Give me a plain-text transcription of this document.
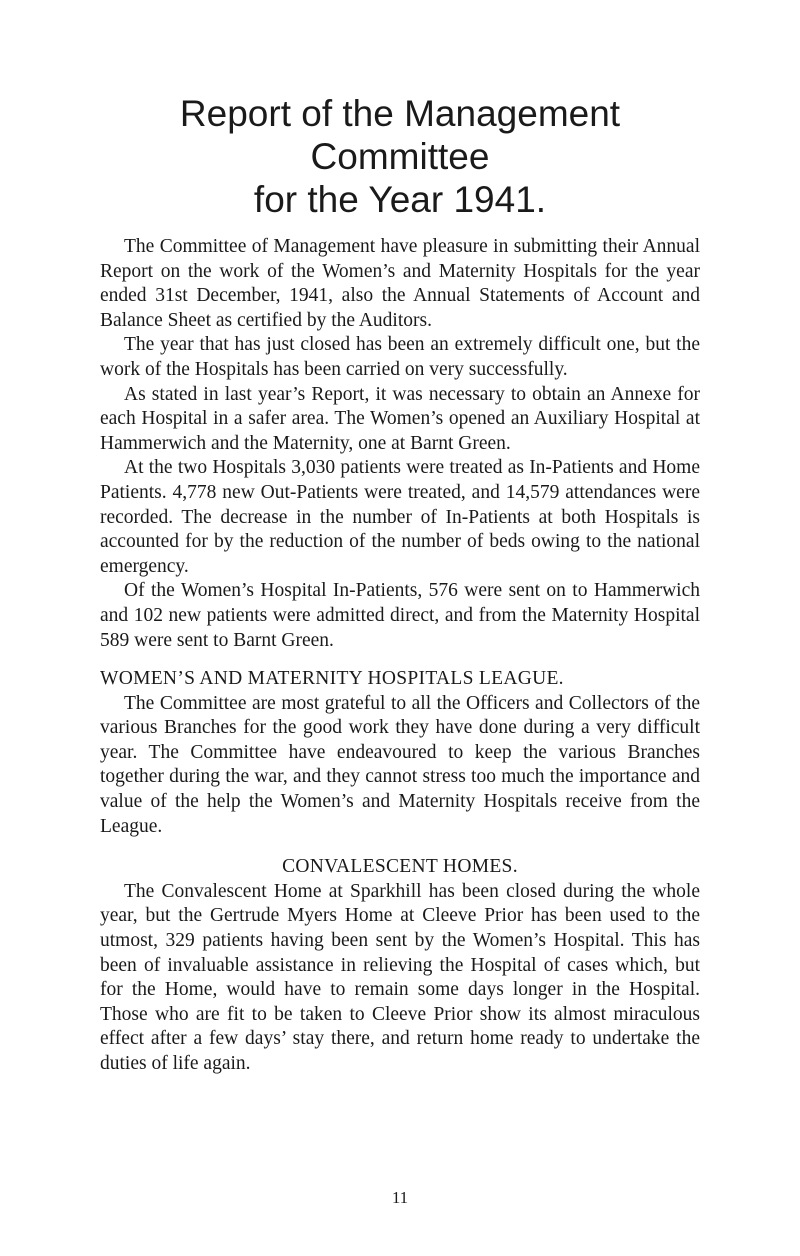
Report of the Management Committee
for the Year 1941.

The Committee of Management have pleasure in submitting their Annual Report on the work of the Women’s and Maternity Hospitals for the year ended 31st December, 1941, also the Annual Statements of Account and Balance Sheet as certified by the Auditors.

The year that has just closed has been an extremely difficult one, but the work of the Hospitals has been carried on very successfully.

As stated in last year’s Report, it was necessary to obtain an Annexe for each Hospital in a safer area. The Women’s opened an Auxiliary Hospital at Hammerwich and the Maternity, one at Barnt Green.

At the two Hospitals 3,030 patients were treated as In-Patients and Home Patients. 4,778 new Out-Patients were treated, and 14,579 attendances were recorded. The decrease in the number of In-Patients at both Hospitals is accounted for by the reduction of the number of beds owing to the national emergency.

Of the Women’s Hospital In-Patients, 576 were sent on to Hammerwich and 102 new patients were admitted direct, and from the Maternity Hospital 589 were sent to Barnt Green.

WOMEN’S AND MATERNITY HOSPITALS LEAGUE.

The Committee are most grateful to all the Officers and Collectors of the various Branches for the good work they have done during a very difficult year. The Committee have endeavoured to keep the various Branches together during the war, and they cannot stress too much the importance and value of the help the Women’s and Maternity Hospitals receive from the League.

CONVALESCENT HOMES.

The Convalescent Home at Sparkhill has been closed during the whole year, but the Gertrude Myers Home at Cleeve Prior has been used to the utmost, 329 patients having been sent by the Women’s Hospital. This has been of invaluable assistance in relieving the Hospital of cases which, but for the Home, would have to remain some days longer in the Hospital. Those who are fit to be taken to Cleeve Prior show its almost miraculous effect after a few days’ stay there, and return home ready to undertake the duties of life again.

11
